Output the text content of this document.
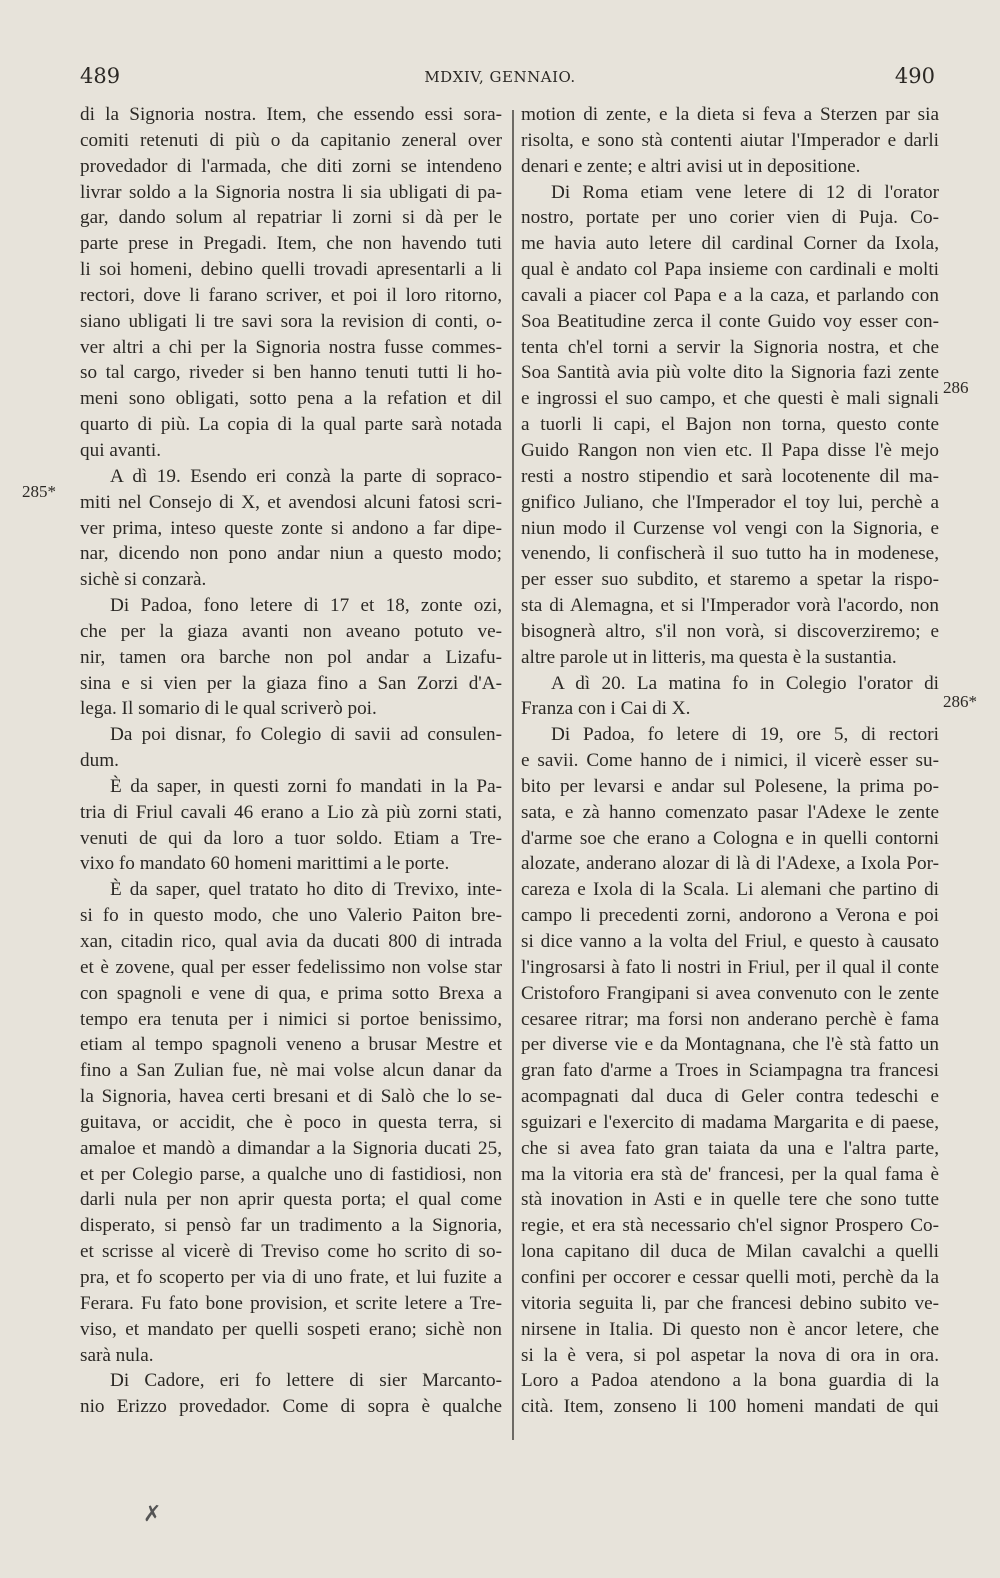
489	MDXIV, GENNAIO.	490
285*
286
286*
di la Signoria nostra. Item, che essendo essi sora-
comiti retenuti di più o da capitanio zeneral over
provedador di l'armada, che diti zorni se intendeno
livrar soldo a la Signoria nostra li sia ubligati di pa-
gar, dando solum al repatriar li zorni si dà per le
parte prese in Pregadi. Item, che non havendo tuti
li soi homeni, debino quelli trovadi apresentarli a li
rectori, dove li farano scriver, et poi il loro ritorno,
siano ubligati li tre savi sora la revision di conti, o-
ver altri a chi per la Signoria nostra fusse commes-
so tal cargo, riveder si ben hanno tenuti tutti li ho-
meni sono obligati, sotto pena a la refation et dil
quarto di più. La copia di la qual parte sarà notada
qui avanti.
A dì 19. Esendo eri conzà la parte di sopraco-
miti nel Consejo di X, et avendosi alcuni fatosi scri-
ver prima, inteso queste zonte si andono a far dipe-
nar, dicendo non pono andar niun a questo modo;
sichè si conzarà.
Di Padoa, fono letere di 17 et 18, zonte ozi,
che per la giaza avanti non aveano potuto ve-
nir, tamen ora barche non pol andar a Lizafu-
sina e si vien per la giaza fino a San Zorzi d'A-
lega. Il somario di le qual scriverò poi.
Da poi disnar, fo Colegio di savii ad consulen-
dum.
È da saper, in questi zorni fo mandati in la Pa-
tria di Friul cavali 46 erano a Lio zà più zorni stati,
venuti de qui da loro a tuor soldo. Etiam a Tre-
vixo fo mandato 60 homeni marittimi a le porte.
È da saper, quel tratato ho dito di Trevixo, inte-
si fo in questo modo, che uno Valerio Paiton bre-
xan, citadin rico, qual avia da ducati 800 di intrada
et è zovene, qual per esser fedelissimo non volse star
con spagnoli e vene di qua, e prima sotto Brexa a
tempo era tenuta per i nimici si portoe benissimo,
etiam al tempo spagnoli veneno a brusar Mestre et
fino a San Zulian fue, nè mai volse alcun danar da
la Signoria, havea certi bresani et di Salò che lo se-
guitava, or accidit, che è poco in questa terra, si
amaloe et mandò a dimandar a la Signoria ducati 25,
et per Colegio parse, a qualche uno di fastidiosi, non
darli nula per non aprir questa porta; el qual come
disperato, si pensò far un tradimento a la Signoria,
et scrisse al vicerè di Treviso come ho scrito di so-
pra, et fo scoperto per via di uno frate, et lui fuzite a
Ferara. Fu fato bone provision, et scrite letere a Tre-
viso, et mandato per quelli sospeti erano; sichè non
sarà nula.
Di Cadore, eri fo lettere di sier Marcanto-
nio Erizzo provedador. Come di sopra è qualche
motion di zente, e la dieta si feva a Sterzen par sia
risolta, e sono stà contenti aiutar l'Imperador e darli
denari e zente; e altri avisi ut in depositione.
Di Roma etiam vene letere di 12 di l'orator
nostro, portate per uno corier vien di Puja. Co-
me havia auto letere dil cardinal Corner da Ixola,
qual è andato col Papa insieme con cardinali e molti
cavali a piacer col Papa e a la caza, et parlando con
Soa Beatitudine zerca il conte Guido voy esser con-
tenta ch'el torni a servir la Signoria nostra, et che
Soa Santità avia più volte dito la Signoria fazi zente
e ingrossi el suo campo, et che questi è mali signali
a tuorli li capi, el Bajon non torna, questo conte
Guido Rangon non vien etc. Il Papa disse l'è mejo
resti a nostro stipendio et sarà locotenente dil ma-
gnifico Juliano, che l'Imperador el toy lui, perchè a
niun modo il Curzense vol vengi con la Signoria, e
venendo, li confischerà il suo tutto ha in modenese,
per esser suo subdito, et staremo a spetar la rispo-
sta di Alemagna, et si l'Imperador vorà l'acordo, non
bisognerà altro, s'il non vorà, si discoverziremo; e
altre parole ut in litteris, ma questa è la sustantia.
A dì 20. La matina fo in Colegio l'orator di
Franza con i Cai di X.
Di Padoa, fo letere di 19, ore 5, di rectori
e savii. Come hanno de i nimici, il vicerè esser su-
bito per levarsi e andar sul Polesene, la prima po-
sata, e zà hanno comenzato pasar l'Adexe le zente
d'arme soe che erano a Cologna e in quelli contorni
alozate, anderano alozar di là di l'Adexe, a Ixola Por-
careza e Ixola di la Scala. Li alemani che partino di
campo li precedenti zorni, andorono a Verona e poi
si dice vanno a la volta del Friul, e questo à causato
l'ingrosarsi à fato li nostri in Friul, per il qual il conte
Cristoforo Frangipani si avea convenuto con le zente
cesaree ritrar; ma forsi non anderano perchè è fama
per diverse vie e da Montagnana, che l'è stà fatto un
gran fato d'arme a Troes in Sciampagna tra francesi
acompagnati dal duca di Geler contra tedeschi e
sguizari e l'exercito di madama Margarita e di paese,
che si avea fato gran taiata da una e l'altra parte,
ma la vitoria era stà de' francesi, per la qual fama è
stà inovation in Asti e in quelle tere che sono tutte
regie, et era stà necessario ch'el signor Prospero Co-
lona capitano dil duca de Milan cavalchi a quelli
confini per occorer e cessar quelli moti, perchè da la
vitoria seguita li, par che francesi debino subito ve-
nirsene in Italia. Di questo non è ancor letere, che
si la è vera, si pol aspetar la nova di ora in ora.
Loro a Padoa atendono a la bona guardia di la
cità. Item, zonseno li 100 homeni mandati de qui
✗
